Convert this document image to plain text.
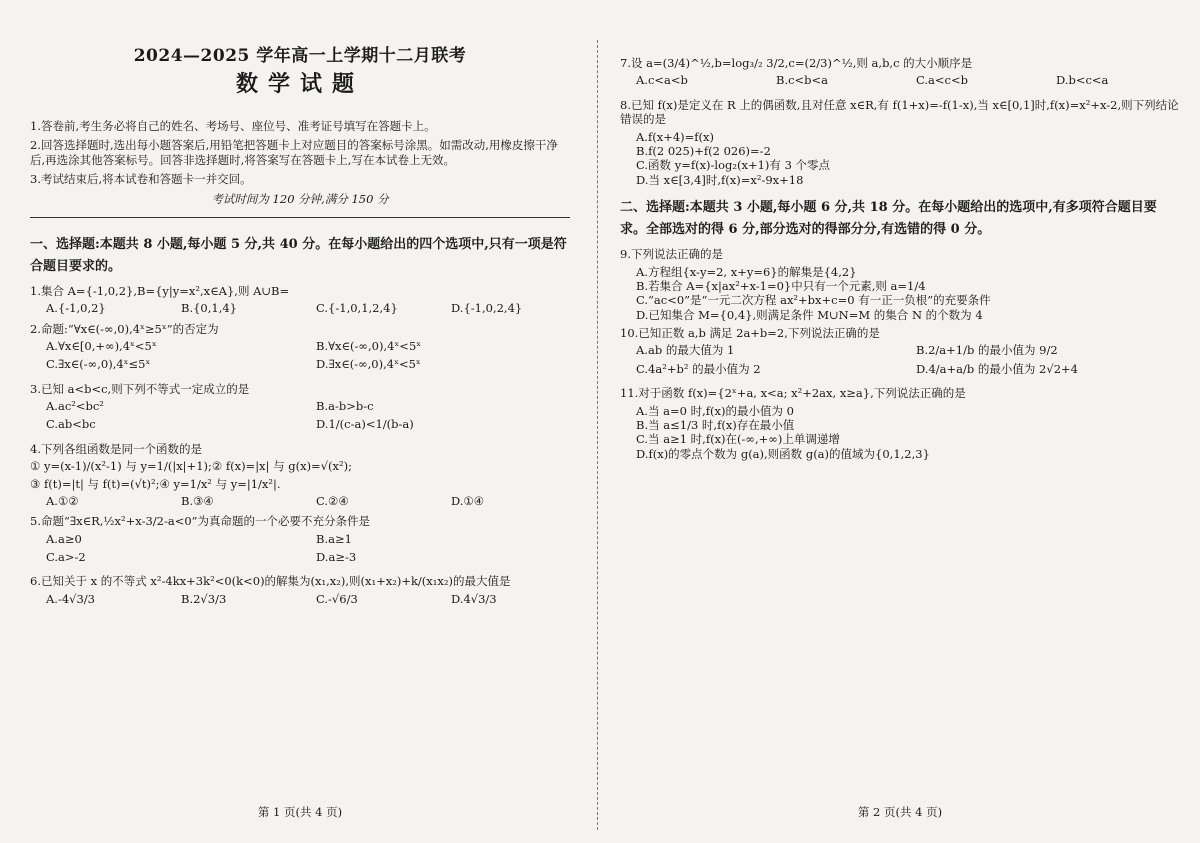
2024—2025 学年高一上学期十二月联考
数学试题
1.答卷前,考生务必将自己的姓名、考场号、座位号、准考证号填写在答题卡上。
2.回答选择题时,选出每小题答案后,用铅笔把答题卡上对应题目的答案标号涂黑。如需改动,用橡皮擦干净后,再选涂其他答案标号。回答非选择题时,将答案写在答题卡上,写在本试卷上无效。
3.考试结束后,将本试卷和答题卡一并交回。
考试时间为 120 分钟,满分 150 分
一、选择题:本题共 8 小题,每小题 5 分,共 40 分。在每小题给出的四个选项中,只有一项是符合题目要求的。
1.集合 A={-1,0,2},B={y|y=x²,x∈A},则 A∪B=
A.{-1,0,2}	B.{0,1,4}	C.{-1,0,1,2,4}	D.{-1,0,2,4}
2.命题:“∀x∈(-∞,0),4ˣ≥5ˣ”的否定为
A.∀x∈[0,+∞),4ˣ<5ˣ	B.∀x∈(-∞,0),4ˣ<5ˣ
C.∃x∈(-∞,0),4ˣ≤5ˣ	D.∃x∈(-∞,0),4ˣ<5ˣ
3.已知 a<b<c,则下列不等式一定成立的是
A.ac²<bc²	B.a-b>b-c
C.ab<bc	D.1/(c-a)<1/(b-a)
4.下列各组函数是同一个函数的是
① y=(x-1)/(x²-1) 与 y=1/(|x|+1);② f(x)=|x| 与 g(x)=√(x²);
③ f(t)=|t| 与 f(t)=(√t)²;④ y=1/x² 与 y=|1/x²|.
A.①②	B.③④	C.②④	D.①④
5.命题“∃x∈R,½x²+x-3/2-a<0”为真命题的一个必要不充分条件是
A.a≥0	B.a≥1
C.a>-2	D.a≥-3
6.已知关于 x 的不等式 x²-4kx+3k²<0(k<0)的解集为(x₁,x₂),则(x₁+x₂)+k/(x₁x₂)的最大值是
A.-4√3/3	B.2√3/3	C.-√6/3	D.4√3/3
第 1 页(共 4 页)
7.设 a=(3/4)^½,b=log₃/₂ 3/2,c=(2/3)^½,则 a,b,c 的大小顺序是
A.c<a<b	B.c<b<a	C.a<c<b	D.b<c<a
8.已知 f(x)是定义在 R 上的偶函数,且对任意 x∈R,有 f(1+x)=-f(1-x),当 x∈[0,1]时,f(x)=x²+x-2,则下列结论错误的是
A.f(x+4)=f(x)
B.f(2 025)+f(2 026)=-2
C.函数 y=f(x)-log₂(x+1)有 3 个零点
D.当 x∈[3,4]时,f(x)=x²-9x+18
二、选择题:本题共 3 小题,每小题 6 分,共 18 分。在每小题给出的选项中,有多项符合题目要求。全部选对的得 6 分,部分选对的得部分分,有选错的得 0 分。
9.下列说法正确的是
A.方程组{x-y=2, x+y=6}的解集是{4,2}
B.若集合 A={x|ax²+x-1=0}中只有一个元素,则 a=1/4
C.“ac<0”是“一元二次方程 ax²+bx+c=0 有一正一负根”的充要条件
D.已知集合 M={0,4},则满足条件 M∪N=M 的集合 N 的个数为 4
10.已知正数 a,b 满足 2a+b=2,下列说法正确的是
A.ab 的最大值为 1	B.2/a+1/b 的最小值为 9/2
C.4a²+b² 的最小值为 2	D.4/a+a/b 的最小值为 2√2+4
11.对于函数 f(x)={2ˣ+a, x<a; x²+2ax, x≥a},下列说法正确的是
A.当 a=0 时,f(x)的最小值为 0
B.当 a≤1/3 时,f(x)存在最小值
C.当 a≥1 时,f(x)在(-∞,+∞)上单调递增
D.f(x)的零点个数为 g(a),则函数 g(a)的值域为{0,1,2,3}
第 2 页(共 4 页)
